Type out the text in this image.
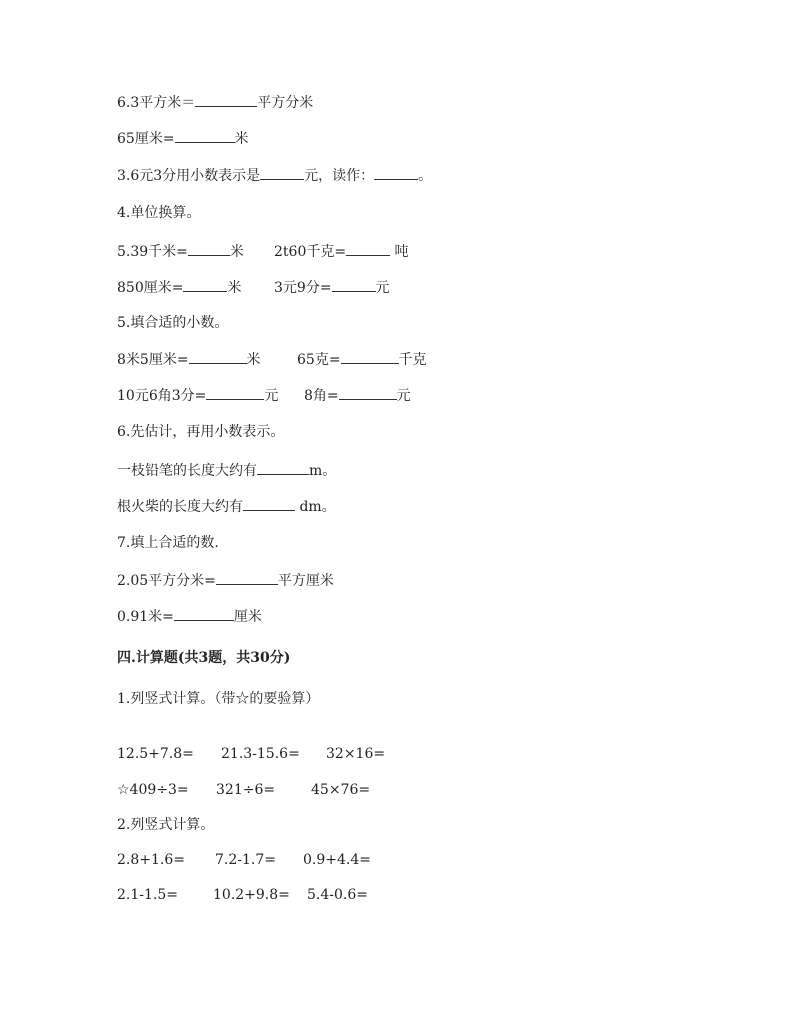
6.3平方米＝	平方分米
65厘米=	米
3.6元3分用小数表示是	元，读作：	。
4.单位换算。
5.39千米=	米 2t60千克=	吨
850厘米=	米 3元9分=	元
5.填合适的小数。
8米5厘米=	米	65克=	千克
10元6角3分=	元 8角=	元
6.先估计，再用小数表示。
一枝铅笔的长度大约有	m。
根火柴的长度大约有	dm。
7.填上合适的数.
2.05平方分米=	平方厘米
0.91米=	厘米
四.计算题(共3题，共30分)
1.列竖式计算。（带☆的要验算）
12.5+7.8= 21.3-15.6= 32×16=
☆409÷3= 321÷6=	45×76=
2.列竖式计算。
2.8+1.6= 7.2-1.7= 0.9+4.4=
2.1-1.5=	10.2+9.8= 5.4-0.6=
